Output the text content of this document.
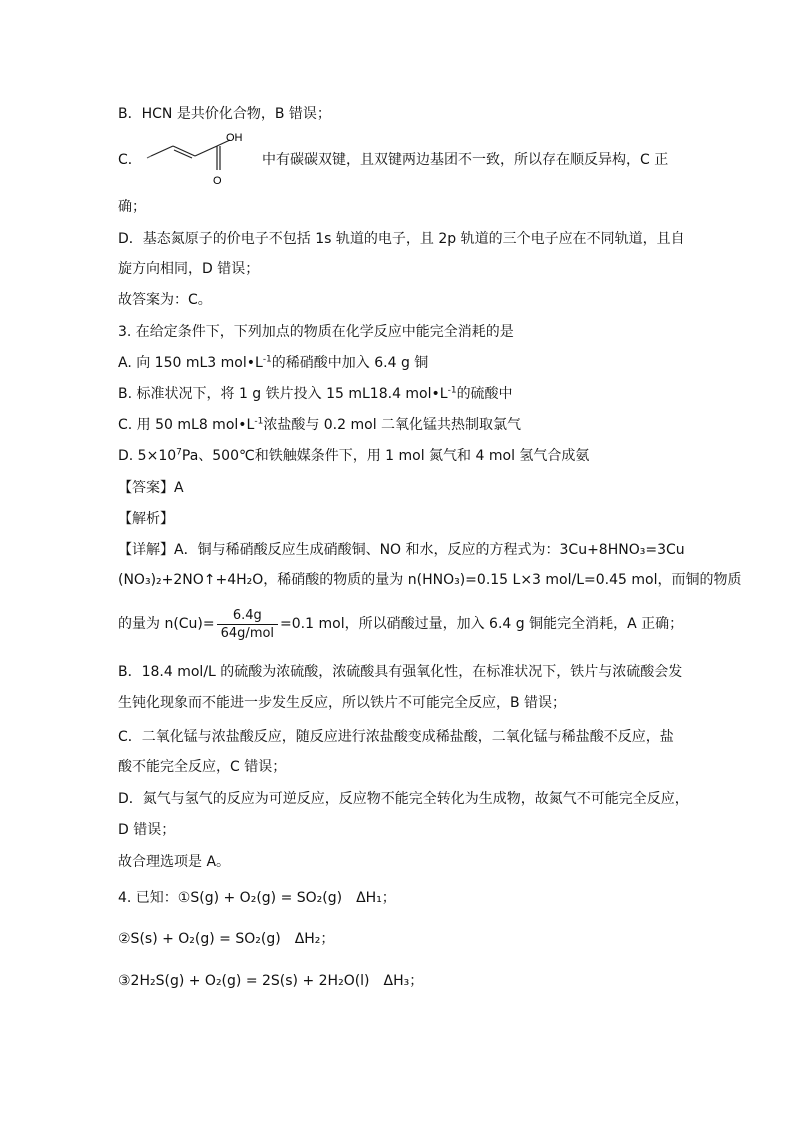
B．HCN 是共价化合物，B 错误；
C．
OH
O
中有碳碳双键，且双键两边基团不一致，所以存在顺反异构，C 正
确；
D．基态氮原子的价电子不包括 1s 轨道的电子，且 2p 轨道的三个电子应在不同轨道，且自
旋方向相同，D 错误；
故答案为：C。
3. 在给定条件下，下列加点的物质在化学反应中能完全消耗的是
A. 向 150 mL3 $mol•L^{-1}$的稀硝酸中加入 6.4 g 铜
B. 标准状况下，将 1 g 铁片投入 15 mL18.4 $mol•L^{-1}$的硫酸中
C. 用 50 mL8 $mol•L^{-1}$浓盐酸与 0.2 mol 二氧化锰共热制取氯气
D. $5\times 10^7Pa$、500℃和铁触媒条件下，用 1 mol 氮气和 4 mol 氢气合成氨
【答案】A
【解析】
【详解】A．铜与稀硝酸反应生成硝酸铜、NO 和水，反应的方程式为：3Cu+8HNO₃=3Cu
(NO₃)₂+2NO↑+4H₂O，稀硝酸的物质的量为 n(HNO₃)=0.15 L×3 mol/L=0.45 mol，而铜的物质
的量为 $n(Cu)= \frac{6.4g}{\text{64g/mol}} =0.1$ mol，所以硝酸过量，加入 6.4 g 铜能完全消耗，A 正确；
B．18.4 mol/L 的硫酸为浓硫酸，浓硫酸具有强氧化性，在标准状况下，铁片与浓硫酸会发
生钝化现象而不能进一步发生反应，所以铁片不可能完全反应，B 错误；
C．二氧化锰与浓盐酸反应，随反应进行浓盐酸变成稀盐酸，二氧化锰与稀盐酸不反应，盐
酸不能完全反应，C 错误；
D．氮气与氢气的反应为可逆反应，反应物不能完全转化为生成物，故氮气不可能完全反应，
D 错误；
故合理选项是 A。
4. 已知：①S(g) + O₂(g) = SO₂(g)　ΔH₁；
②S(s) + O₂(g) = SO₂(g)　ΔH₂；
③2H₂S(g) + O₂(g) = 2S(s) + 2H₂O(l)　ΔH₃；
